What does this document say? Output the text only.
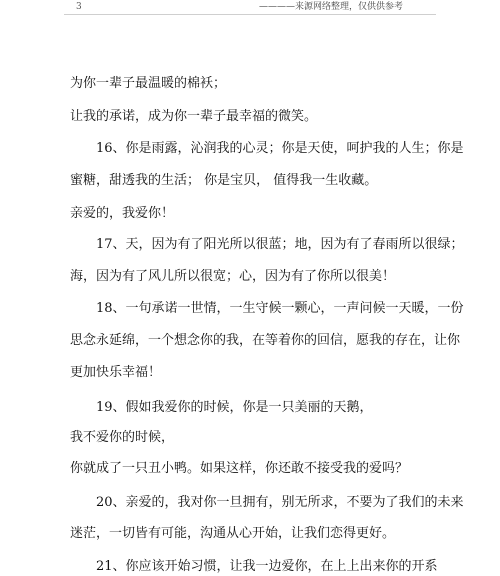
3	————来源网络整理，仅供供参考
为你一辈子最温暖的棉袄；
让我的承诺，成为你一辈子最幸福的微笑。
16、你是雨露，沁润我的心灵；你是天使，呵护我的人生；你是
蜜糖，甜透我的生活； 你是宝贝， 值得我一生收藏。
亲爱的，我爱你！
17、天，因为有了阳光所以很蓝；地，因为有了春雨所以很绿；
海，因为有了风儿所以很宽；心，因为有了你所以很美！
18、一句承诺一世情，一生守候一颗心，一声问候一天暖，一份
思念永延绵，一个想念你的我，在等着你的回信，愿我的存在，让你
更加快乐幸福！
19、假如我爱你的时候，你是一只美丽的天鹅，
我不爱你的时候，
你就成了一只丑小鸭。如果这样，你还敢不接受我的爱吗？
20、亲爱的，我对你一旦拥有，别无所求，不要为了我们的未来
迷茫，一切皆有可能，沟通从心开始，让我们恋得更好。
21、你应该开始习惯，让我一边爱你，在上上出来你的开系
